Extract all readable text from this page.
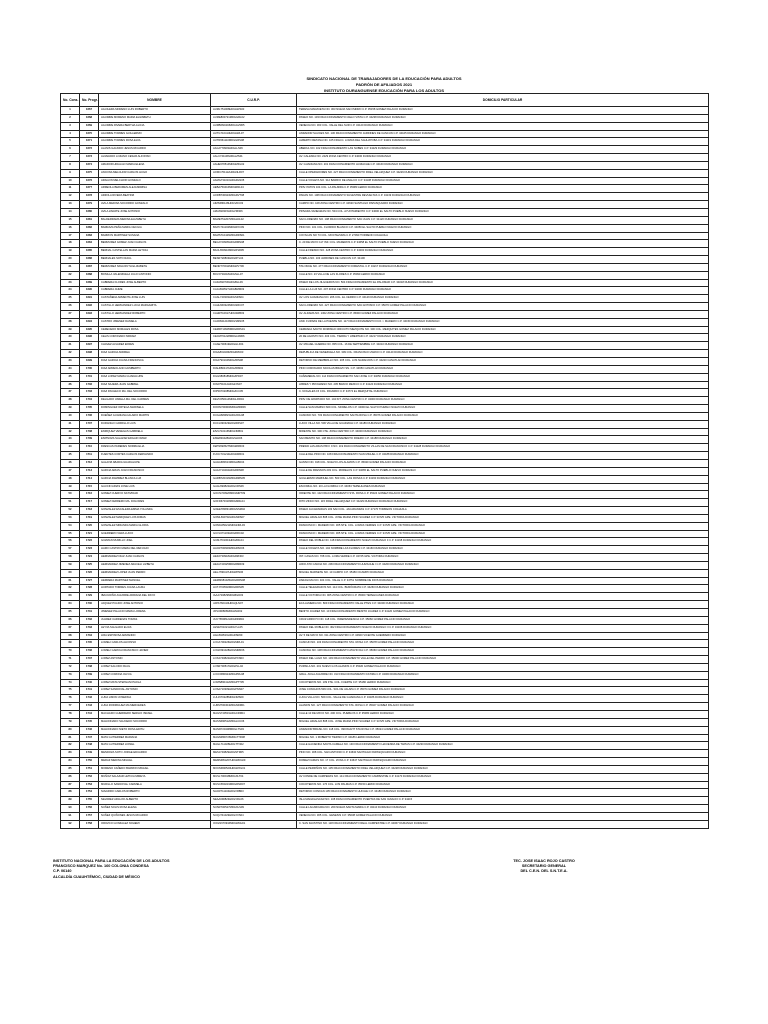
SINDICATO NACIONAL DE TRABAJADORES DE LA EDUCACIÓN PARA ADULTOS
PADRÓN DE AFILIADOS 2021
INSTITUTO DURANGUENSE EDUCACIÓN PARA LOS ADULTOS
No. Cons.	No. Progr.	NOMBRE	C.U.R.P.	DOMICILIO PARTICULAR
1	1667	AGUILERA MORENO LUIS ROBERTO	AUML751008HDGGRS00	TERESA MANZUETA NO. 303 NUEVA SAN ISIDRO C.P. 35158 GOMEZ PALACIO DURANGO
2	1668	AGUIRRE MORENO MARIA ELIZABETH	AUME800721MDGGRL02	PASEO NO. 133 FRACCIONAMIENTO CIELO VISTA C.P. 34238 DURANGO DURANGO
3	1669	AGUIRRE RIVERA BERTHA ALICIA	AURB660403MDGGVR05	VENECIA NO. 303 COL. VALLE DEL SUR C.P. 34120 DURANGO DURANGO
4	1670	AGUIRRE TORRES GUILLERMO	AUTG710413HDGGRL07	ANDADOR SAUCES NO. 130 FRACCIONAMIENTO JARDINES DE CANCUN C.P. 34105 DURANGO DURANGO
5	1671	AGUIRRE TORRES ROSA ELVA	AUTR661110MDGGRS08	ALBERTO RETANA NO. 105 FRACC. LOMAS DEL SAHUATOBA C.P. 34219 DURANGO DURANGO
6	1672	ALANIS GALINDO JESUS RICARDO	AAGJ770903HDGLLS06	ABEDUL NO. 102 FRACCIONAMIENTO LAS NUBES C.P. 34229 DURANGO DURANGO
7	1673	ALVARADO LOZANO CESAR ALFONSO	AALC741108HDGLZS01	AV. CALZADA NO. 2229 ZONA CENTRO C.P. 34000 DURANGO DURANGO
8	1674	AMADOR HIDALGO MARIA ELENA	AAHE670514MDGMDL02	AV. GUADIANA NO. 201 FRACCIONAMIENTO HUIZACHE C.P. 34160 DURANGO DURANGO
9	1675	ANCONA MELCHOR CARLOS HUGO	AOMC761112HDGNLR07	CALLE OPERADORES NO. 227 FRACCIONAMIENTO FIDEL VELAZQUEZ C.P. 34229 DURANGO DURANGO
10	1676	ARAGON MELCHOR GONZALO	AAMG731016HDGRLN05	CALLE VIOLETA NO. 312 BARRIO DE ANALCO C.P. 34138 DURANGO DURANGO
11	1677	ARREOLA BERUMEN ALEJANDRINA	AEBA750416MDGRRL04	PRIV. PATOS 104 COL. LA PALMIRA C.P. 35083 LERDO DURANGO
12	1678	ARZOLA RIVERA BEATRIZ	AORB730923MDGRVT08	PANAN NO. 108 FRACCIONAMIENTO SILVESTRE REVUELTAS C.P. 34139 DURANGO DURANGO
13	1679	AVILA MEDINA SOCORRO GONZALO	AIMS680128HDGVDC03	CAMPO NO. 108 ZONA CENTRO C.P. 34630 SANTIAGO PAPASQUIARO DURANGO
14	1680	AVILA ZARATE JOSE ANTONIO	AIZA690315HDGVRN06	PRIVADA VANEGRAS NO. 504 COL. AYUNTAMIENTO C.P. 34000 EL SALTO PUEBLO NUEVO DURANGO
15	1681	BALDERRAMA MEDINA ELIZABETH	BAME751207MDGLDL02	SAN LORENZO NO. 108 FRACCIONAMIENTO SAN JUAN C.P. 34120 DURANGO DURANGO
16	1682	BARRAZA PEÑA MARIA CECILIA	BAPC741102MDGRXC09	PINO NO. 101 COL. FLORIDO BLANCO C.P. 34050 EL SALTO PUEBLO NUEVO DURANGO
17	1683	BARRIOS MARTINEZ SUSANA	BAMS710426MDGRRS01	COYACAN NO 73 COL. MOCTEZUMA C.P. 27090 TORREON COAHUILA
18	1684	BERMUDEZ GOMEZ JUAN CARLOS	BEGJ720905HDGRMN08	C. 20 DE MAYO 117 INF. COL. MADEROS C.P. 34658 EL SALTO PUEBLO NUEVO DURANGO
19	1685	BERNAL CASTELLAN MARIA LETICIA	BACL650916MDGRSR05	CALLE FRESNO NO. 428 ZONA CENTRO C.P. 34000 DURANGO DURANGO
20	1686	BERNALES SOTO RAUL	BESR720803HDGRTL04	PUEBLA NO. 103 JARDINES DE CANCUN C.P. 34100
21	1687	BERMUDEZ NAVA RUTH ELIZABETH	BENR770911MDGRVT06	5TA ONCE NO. 477 FRACCIONAMIENTO FORESTAL C.P. 34217 DURANGO DURANGO
22	1688	BONILLA VALENZUELA JULIO ANTONIO	BOVJ730218HDGNLL07	CALLE NO. 23 VILLA DE LAS FLORES C.P. 35090 LERDO DURANGO
23	1689	CABRERA FLORES JOSE ALBERTO	CAFA690730HDGBLL09	PASEO DE LOS JILGUEROS NO. 504 FRACCIONAMIENTO EL PALOMAR C.P. 34018 DURANGO DURANGO
24	1690	CABRERA JAIME	CAJA690527HDGBMM03	CALLE LA LUZ NO. 207 ZONA CENTRO C.P. 34000 DURANGO DURANGO
25	1691	CASTAÑEDA ARMENTA JOSE LUIS	CAAL740303HDGSRS04	AV. LOS GUADIANA NO. 206 COL. EL CERRO C.P. 34129 DURANGO DURANGO
26	1692	CASTILLO HERNANDEZ LUCIA MARGARITA	CAHL660324MDGSRC07	SAN LORENZO NO. 427 FRACCIONAMIENTO SAN ANTONIO C.P. 35076 GOMEZ PALACIO DURANGO
27	1693	CASTILLO HERNANDEZ ROBERTO	CAHR710917HDGSRB03	AV. ALDAMA NO. 1302 ZONA CENTRO C.P. 35000 GOMEZ PALACIO DURANGO
28	1694	CASTRO JIMENEZ DANIELA	CAJD841216MDGSMN05	AND. FURNAS DE LA PUENTE NO. 117 FRACCIONAMIENTO FCO. I. MADERO C.P. 34150 DURANGO DURANGO
29	1695	CERECEDO MORALES ROSA	CEMR710905MDGRRS01	CERRADA SANTO DOMINGO CIRCUITO MEZQUITE NO. 300 COL. MEZQUITES GOMEZ PALACIO DURANGO
30	1696	CELIS CORONADO MIRIAM	CECM761228MDGLRR06	20 DE AGOSTO NO. 403 COL. TIERRA Y LIBERTAD C.P. 34217 DURANGO DURANGO
31	1697	CHAVEZ ALVAREZ EFREN	CAAE730619HDGHLF04	AV. MIGUEL GUERRA NO. 805 COL. 16 DE SEPTIEMBRE C.P. 34010 DURANGO DURANGO
32	1698	DIAZ GARCIA ANDREA	DIGA801029MDGZRN03	REPUBLICA DE VENEZUELA NO. 309 COL. FRANCISCO ZARCO C.P. 34140 DURANGO DURANGO
33	1699	DIAZ GARCIA JUANA FRANCISCA	DIGJ790104MDGZRN08	RETORNO DE MEMBRILLO NO. 205 COL. LOS NARANJOS C.P. 34220 CANATLAN DURANGO
34	1700	DIAZ ARREOLANO HUMBERTO	DIAH680417HDGZRM02	PINO CORONADO NICOLAS BRAVO SN. C.P. 34650 CANATLAN DURANGO
35	1701	DIAZ LOPEZ MARIA GUADALUPE	DILG680818MDGZPD07	CAÑAMERAL NO. 114 FRACCIONAMIENTO SAN JOSE C.P. 34050 DURANGO DURANGO
36	1702	DIAZ NAJERA JUAN GABRIEL	DINJ751012HDGZJN07	LIBRES Y PROGRESO NO. 205 BRAVO MEXICO C.P. 34120 DURANGO DURANGO
37	1703	DIAZ PACHECO MA. DEL SOCORRO	DIPS670208MDGZCC05	C. NOGALES 15 COL. RICARDO C.P. 34774 EL MEZQUITAL DURANGO
38	1704	DELGADO VARELA MA. DEL CARMEN	DEVC650114MDGLRR04	PRIV. DE APARTADO NO. 104 INT. ZONA CENTRO C.P. 34000 DURANGO DURANGO
39	1705	DOMINGUEZ ORTEGA MARISELA	DOOM700903MDGMRR06	CALLE SAN MARINO 609 COL. MORELOS C.P. 34000 EL SALTO PUEBLO NUEVO DURANGO
40	1706	DUEÑEZ GUADIANA HILARIO MARTIN	DUGH680823HDGXDL08	CANCINO NO. 703 FRACCIONAMIENTO SANTA ROSA C.P. 35076 GOMEZ PALACIO DURANGO
41	1707	DURANGO CARRILLO LUIS	DUCL690329HDGRRS07	LUCIO VILLA NO. 506 VILLA DE GUADIANA C.P. 34186 DURANGO DURANGO
42	1708	ENRIQUEZ VENEGAS GABRIELA	EIVG710116MDGNNB01	MIRENTE NO. 300 CTE. ZONA CENTRO C.P. 34000 DURANGO DURANGO
43	1709	ESPINOZA SALAZAR EDGAR OMAR	EISE830428HDGSLD06	SAN BENITO NO. 108 FRACCIONAMIENTO FIDERO C.P. 34188 DURANGO DURANGO
44	1710	FRESCAS PAREDES NORMA ELIA	FEPN690527MDGRRR03	PRESID LAS ARAS PRIV. 9 NO. 119 FRACCIONAMIENTO VILLAS DE SAN FRANCISCO C.P. 34228 DURANGO DURANGO
45	1711	FUENTES CORTES CARLOS FERNANDO	FUCC731214HDGNRR01	CALLE DEL PINO NO. 108 FRACCIONAMIENTO SAN MIGUEL C.P. 34188 DURANGO DURANGO
46	1712	GALAVIZ ABADIA GUADALUPE	GAAG680613MDGLBD04	GANSO NO. 918 COL. NUEVO LOS ALAMOS C.P. 35020 GOMEZ PALACIO DURANGO
47	1713	GARCIA ARIAS JUAN FRANCISCO	GAAJ710404HDGRRN08	CALLE DE FRESNOS 203 COL. MORELOS C.P. 34665 EL SALTO PUEBLO NUEVO DURANGO
48	1714	GARCIA RAMIREZ BLANCA LUZ	GARB720316MDGRMN05	GUILLERMO MARNUEL NO. 503 COL. LAS ROSAS C.P. 34160 DURANGO DURANGO
49	1715	GAUCIN ARIAS JOSE LUIS	GAAL690822HDGCRS06	ESCORIAL NO. 20 LA FLORIDA C.P. 34063 TEPEHUANES DURANGO
50	1716	GOMEZ CUERVO NATIVIDAD	GOCN720926MDGMRT09	ORIENTE NO. 102 FRACCIONAMIENTO STA. ROSA C.P. 35024 GOMEZ PALACIO DURANGO
51	1717	GOMEZ FERRERO MA. DOLORES	GOFD670318MDGMRL04	RITO ZINCO NO. 115 FIDEL VELAZQUEZ C.P. 34229 DURANGO DURANGO DURANGO
52	1718	GONZALEZ ESCALERA EMMA YOLANDA	GOEE780831MDGNSM02	PASEO JACARANDAS 103 SAN COL. JACARANDAS C.P. 27170 TORREON COAHUILA
53	1719	GONZALEZ MARQUEZ LUIS DIMAS	GOML690702HDGNRS07	MIGUEL HIDALGO 808 COL. JOSE MARIA PINO SUAREZ C.P. 34725 GPE. VICTORIA DURANGO
54	1720	GONZALEZ MIRANDA MARIA GLORIA	GOMG650211MDGNRL03	FRANCISCO I. MADERO NO. 305 NTE. COL. LOMAS VERDES C.P. 34725 GPE. VICTORIA DURANGO
55	1721	GUERRERO VARA LUCIO	GUVL671103HDGRRC02	FRANCISCO I. MADERO NO. 305 NTE. COL. LOMAS VERDES C.P. 34725 GPE. VICTORIA DURANGO
56	1722	GUZMAN MURILLO JOEL	GUMJ701004HDGZRL04	PASEO DEL ROBLE NO. 118 FRACCIONAMIENTO NUEVO DURANGO II C.P. 34168 DURANGO DURANGO
57	1723	HARO CASTRO MARIA DEL REFUGIO	HACR700609MDGRSF06	CALLE VIOLETA NO. 104 NOMBRE LAS FLORES C.P. 34160 DURANGO DURANGO
58	1724	HERNANDEZ DIAZ JUAN CARLOS	HEDJ730918HDGRZN03	INT. CASAS NO. 708 COL. LOMA VERDE C.P. 34725 GPE. VICTORIA DURANGO
59	1725	HERNANDEZ JIMENEZ ARACELI LIZBETH	HEJA740325MDGRMR09	LIRIO ATO CANOA NO. 206 FRACCIONAMIENTO HUIZACHE I C.P. 34200 DURANGO DURANGO
60	1726	HERNANDEZ LOPEZ JUAN PEDRO	HELJ790417HDGRPN06	MIGUEL MARNETE NO. 10 CAMPO C.P. 35150 OCAMPO DURANGO
61	1727	HERRERA MARTINEZ MANUEL	HEMM681025HDGRRN08	ZARAGOZA NO. 404 COL. VALLE C.P. 34751 NOMBRE DE DIOS DURANGO
62	1728	HURTADO TORRES JUANA LAURA	HUTJ700502MDGRRN05	CALLE TELEGRAFOS NO. 114 COL. BURÓCRATA C.P. 34260 DURANGO DURANGO
63	1729	IBACUDIÑO AGUIRRE ADRIANA DEL RAYO	IAAA720829MDGBGD03	CALLE VICTORIA NO. 905 ZONA CENTRO C.P. 35000 TEPEHUANES DURANGO
64	1730	JAQUEZ PULIDO JOSE ANTONIO	JAPA760410HDGQLN07	ECA ALMERIA NO. 809 FRACCIONAMIENTO VALLE PTES C.P. 34000 DURANGO DURANGO
65	1731	JIMENEZ PALACIO MARIA LORENA	JIPL690806MDGMLR02	BENITO JUAREZ NO. 10 FRACCIONAMIENTO BENITO JUAREZ C.P. 34120 GOMEZ PALACIO DURANGO
66	1732	JUAREZ CARDENAS TOMAS	JUCT650812HDGRRM04	CRUZ ARROYO NO. 118 COL. INDEPENDENCIA C.P. 35060 GOMEZ PALACIO DURANGO
67	1733	LEYVA SALGADO ELIAS	LESE701021HDGYLL05	PASEO DEL ROBLE NO. 302 FRACCIONAMIENTO NUEVO DURANGO II C.P. 34168 DURANGO DURANGO
68	1734	LIRA ESPINOSA ARMANDO	LIEA690519HDGRSR09	AV. 5 DE MAYO NO. 611 ZONA CENTRO C.P. 34600 VICENTE GUERRERO DURANGO
69	1735	LOMELI CARLOS ALFONSO	LOCA700226HDGMRL01	CANCUN NO. 103 FRACCIONAMIENTO STA. ROSA C.P. 35078 GOMEZ PALACIO DURANGO
70	1736	LOMELI GARCIA FRANCISCO JAVIER	LOGF691028HDGMRR06	CANCINA NO. 108 FRACCIONAMIENTO ATAVIO DA C.P. 35060 GOMEZ PALACIO DURANGO
71	1737	LOPEZ ANTONIO	LOXA740822HDGPXN03	PASEO DEL LAGO NO. 103 FRACCIONAMIENTO VALLE DEL PEDRO C.P. 35000 GOMEZ PALACIO DURANGO
72	1738	LOPEZ SALCIDO RAUL	LOSR730517HDGPLL02	PURSILA NO. 201 NUEVO LOS ALAMOS C.P. 35020 GOMEZ PALACIO DURANGO
73	1739	LOPEZ CORONA OLIVIA	LOCO680924MDGPRL08	GRAL. AVILA AGUIRRE NO. 313 FRACCIONAMIENTO FATIMA C.P. 34060 DURANGO DURANGO
74	1740	LOPEZ MATA STEPHANI PAOLA	LOMS890412MDGPTT05	COCOTEROS NO. 109 FTE. COL. FUERTE C.P. 35180 LERDO DURANGO
75	1741	LOPEZ SANDOVAL ANTONIO	LOSA710309HDGPNN07	JOSE CONCHOS 509 COL. SOL DE JALAPA C.P. 35074 GOMEZ PALACIO DURANGO
76	1742	LUNA LIMON JOSEFINA	LULJ670228MDGNMS09	LUCIA VILLA NO. 509 COL. VALLE DE GUADIANA C.P. 34186 DURANGO DURANGO
77	1743	LUNA RODRIGUEZ MA MERCEDES	LURM700304MDGNDR01	ALAMOS NO. 127 FRACCIONAMIENTO STA. ROSA C.P. 35027 GOMEZ PALACIO DURANGO
78	1744	MACHADO GUERRERO SERGIO ISRAEL	MAGS740519HDGCRR04	CALLE 10 DE MAYO NO. 200 COL. PUEBLOS C.P. 35080 LERDO DURANGO
79	1745	MALDONADO SAUCEDO SOCORRO	MASS690512MDGLCC06	MIGUEL HIDALGO 808 COL. JOSE MARIA PINO SUAREZ C.P. 34725 GPE. VICTORIA DURANGO
80	1746	MALDONADO NIETO ROSA EDITH	MANR720408MDGLTS03	ANDADOR BRASIL NO. 118 COL. INFONAVIT STA ROSA C.P. 35024 GOMEZ PALACIO DURANGO
81	1747	MATA GUTIERREZ MARIANA	MAGM890726MDGTTR08	MIGUEL NO. 1 ROBERTO TIERNO C.P. 34186 LERDO DURANGO
82	1748	MATA GUTIERREZ LIONEL	MAGL711028HDGTTN02	CALLE HACIENDA SANTA CAMELA NO. 130 FRACCIONAMIENTO HACIENDA DE TAPIAS C.P. 34230 DURANGO DURANGO
83	1749	MENDOZA SOTO JORGE EDUARDO	MESJ740829HDGNTR05	PINO NO. 308 COL. SAN ANTONIO C.P. 34630 SANTIAGO PAPASQUIARO DURANGO
84	1750	MERAZ MEDINA MIGUEL	MEMM681207HDGRDG09	DOMEZ FARIAS NO. 17 COL. ZONA C.P. 34647 SANTIAGO PAPASQUIARO DURANGO
85	1751	MORENO CAÑEDO BARRON MIGUEL	MOCM690520HDGRXG01	CALLE PERFIÑON NO. 135 FRACCIONAMIENTO FIDEL VELAZQUEZ C.P. 34228 DURANGO DURANGO
86	1752	MUÑOZ SALAZAR LETICIA MIREYA	MUSL700918MDGXLT04	AV CONDE DE CAMPERAS NO. 141 FRACCIONAMIENTO CAMPESTRE C.P. 34170 DURANGO DURANGO
87	1753	MURILLO SANDOVAL CARMELA	MUSC650219MDGRNR07	COCOTEROS NO. 176 COL. LOS PALMAS C.P. 35150 LERDO DURANGO
88	1754	NAVARRO CARLOS ROBERTO	NACR711104HDGVRB03	RETORNO CONKAN 105 FRACCIONAMIENTO HUICHE C.P. 34180 DURANGO DURANGO
89	1755	NEVAREZ ARAUJO ALBERTO	NEAA690823HDGVRL06	ISLA MADAGASCAR NO. 108 FRACCIONAMIENTO PUERTAS DE SAN IGNACIO C.P. 34215
90	1756	NUÑEZ SOLIS ROSA ELENA	NUSR700527MDGXLS09	CALLE LACAROADA NO. 209 NUEVA SANTA MARIA C.P. 34110 DURANGO DURANGO
91	1757	NUÑEZ QUIÑONES JESUS RICARDO	NUQJ741029HDGXXS04	VENECIA NO. 305 COL. GENESIS C.P. 35038 GOMEZ PALACIO DURANGO
92	1758	OROZCO GONZALEZ NOHEMI	OOGN670916MDGRNH01	C. SAN FAUSTINO NO. 118 FRACCIONAMIENTO REAL CAMPESTRE C.P. 34067 DURANGO DURANGO
INSTITUTO NACIONAL PARA LA EDUCACIÓN DE LOS ADULTOS
FRANCISCO MARQUEZ No. 160 COLONIA CONDESA
C.P. 06140
ALCALDÍA CUAUHTÉMOC, CIUDAD DE MÉXICO
TEC. JOSE ISAAC ROJO CASTRO
SECRETARIO GENERAL
DEL C.E.N. DEL S.N.T.E.A.
